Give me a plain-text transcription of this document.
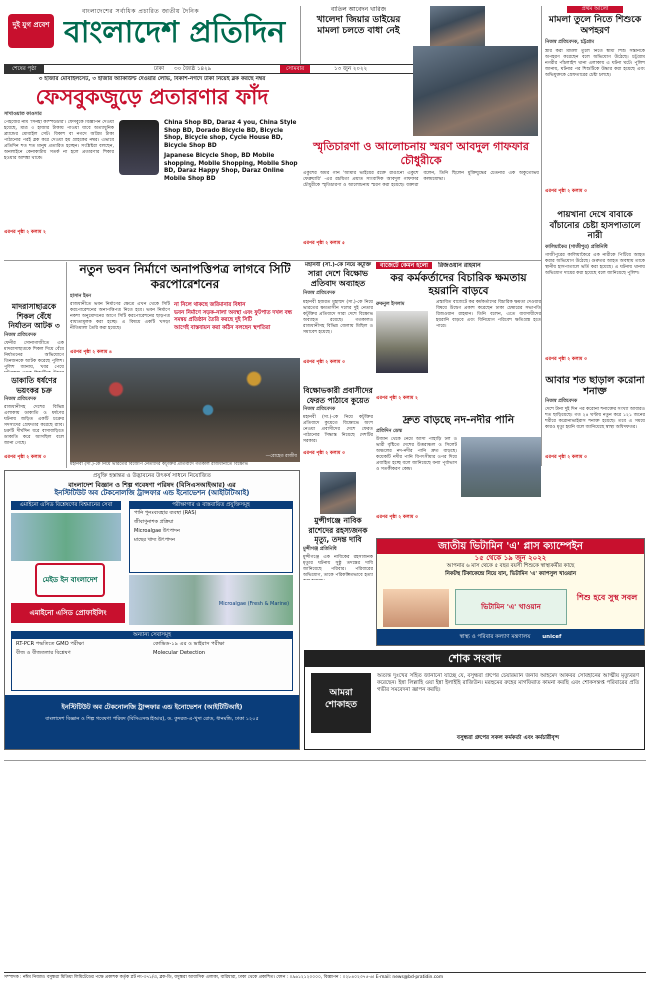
দুই যুগ প্রবেশ
বাংলাদেশের সর্বাধিক প্রচারিত জাতীয় দৈনিক
বাংলাদেশ প্রতিদিন
শেষের পৃষ্ঠা	ঢাকা ৩০ জ্যৈষ্ঠ ১৪২৯	সোমবার	১৩ জুন ২০২২
বাতিল আবেদন খারিজ
খালেদা জিয়ার ডাইয়ের মামলা চলতে বাধা নেই
প্রথম আলো
মামলা তুলে নিতে শিশুকে অপহরণ
নিজস্ব প্রতিবেদক, চট্টগ্রাম
স্ত্রীর করা মামলা তুলে নিতে স্বামী শিশু সন্তানকে অপহরণ করেছেন বলে অভিযোগ উঠেছে। চট্টগ্রাম নগরীর পাঁচলাইশ থানা এলাকায় এ ঘটনা ঘটে। পুলিশ জানায়, ঘটনার পর শিশুটিকে উদ্ধার করা হয়েছে এবং অভিযুক্তকে গ্রেফতারের চেষ্টা চলছে।
এরপর পৃষ্ঠা ২ কলাম ৩
৩ হাজার মোবাইলসেট, ৩ হাজার অ্যাকাউন্ট দেওয়ার লোভ, বিকাশ-নগদে টাকা নিয়েই ব্লক করছে নম্বর
ফেসবুকজুড়ে প্রতারণার ফাঁদ
সাখাওয়াত কাওসার
পেইজের নাম 'সিনহা কম্পিউটার'। ফেসবুকে বিজ্ঞাপন দেওয়া হয়েছে, মাত্র ৩ হাজার টাকায় পাওয়া যাবে অত্যাধুনিক ব্র্যান্ডের মোবাইল সেট। বিকাশ বা নগদে অগ্রিম টাকা পাঠানোর পরই ব্লক করে দেওয়া হয় গ্রাহকের নম্বর। এভাবে প্রতিদিন শত শত মানুষ প্রতারিত হচ্ছেন। সংশ্লিষ্টরা বলছেন, অনলাইনে কেনাকাটায় সতর্ক না হলে প্রতারণার শিকার হওয়ার আশঙ্কা থাকে।
China Shop BD, Daraz 4 you, China Style Shop BD, Dorado Bicycle BD, Bicycle Shop, Bicycle shop, Cycle House BD, Bicycle Shop BD
Japanese Bicycle Shop, BD Mobile shopping, Mobile Shopping, Mobile Shop BD, Daraz Happy Shop, Daraz Online Mobile Shop BD
এরপর পৃষ্ঠা ২ কলাম ২
স্মৃতিচারণা ও আলোচনায় স্মরণ আবদুল গাফফার চৌধুরীকে
একুশের অমর গান 'আমার ভাইয়ের রক্তে রাঙানো একুশে ফেব্রুয়ারি' -এর রচয়িতা প্রয়াত সাংবাদিক আবদুল গাফফার চৌধুরীকে স্মৃতিচারণা ও আলোচনায় স্মরণ করা হয়েছে। বক্তারা বলেন, তিনি ছিলেন মুক্তিযুদ্ধের চেতনার এক অকুতোভয় কলমযোদ্ধা।
এরপর পৃষ্ঠা ২ কলাম ৫
পায়খানা দেখে বাবাকে বাঁচানোর চেষ্টা হাসপাতালে নারী
কালিয়াকৈর (গাজীপুর) প্রতিনিধি
গাজীপুরের কালিয়াকৈরে এক নারীকে পিটিয়ে আহত করার অভিযোগ উঠেছে। গুরুতর আহত অবস্থায় তাকে স্থানীয় হাসপাতালে ভর্তি করা হয়েছে। এ ঘটনায় থানায় অভিযোগ দায়ের করা হয়েছে বলে জানিয়েছে পুলিশ।
এরপর পৃষ্ঠা ২ কলাম ৩
আবার শত ছাড়াল করোনা শনাক্ত
নিজস্ব প্রতিবেদক
দেশে টানা দুই দিন পর করোনা শনাক্তের সংখ্যা আবারও শত ছাড়িয়েছে। গত ২৪ ঘণ্টায় নতুন করে ১২১ জনের শরীরে করোনাভাইরাস শনাক্ত হয়েছে। তবে এ সময়ে কারও মৃত্যু হয়নি বলে জানিয়েছে স্বাস্থ্য অধিদফতর।
এরপর পৃষ্ঠা ২ কলাম ৩
মাদরাসাছাত্রকে শিকল বেঁধে নির্যাতন আটক ৩
নিজস্ব প্রতিবেদক
ফেনীর সোনাগাজীতে এক মাদরাসাছাত্রকে শিকল দিয়ে বেঁধে নির্যাতনের অভিযোগে তিনজনকে আটক করেছে পুলিশ। পুলিশ জানায়, খবর পেয়ে
ডাকাতি ধর্ষণের ভয়ংকর চক্র
নিজস্ব প্রতিবেদক
রাজধানীসহ দেশের বিভিন্ন এলাকায় ডাকাতি ও ধর্ষণের ঘটনায় জড়িত একটি চক্রের সদস্যদের গ্রেফতার করেছে র‍্যাব। চক্রটি দীর্ঘদিন ধরে বাসাবাড়িতে ডাকাতি করে আসছিল বলে জানা গেছে।
এরপর পৃষ্ঠা ২ কলাম ৩
নতুন ভবন নির্মাণে অনাপত্তিপত্র লাগবে সিটি করপোরেশনের
হাসান ইমন
রাজধানীতে ভবন নির্মাণের ক্ষেত্রে এখন থেকে সিটি করপোরেশনের অনাপত্তিপত্র নিতে হবে। ভবন নির্মাণে নকশা অনুমোদনের আগে সিটি করপোরেশনের ছাড়পত্র বাধ্যতামূলক করা হচ্ছে। এ বিষয়ে একটি খসড়া নীতিমালা তৈরি করা হয়েছে।
না নিলে থাকছে জরিমানার বিধান
ভবন নির্মাণে সড়ক-নালা অবস্থা এবং ফুটপাত দখল বন্ধ
সমন্বয় প্রতিষ্ঠান তৈরি করছে দুই সিটি
আগেই বাস্তবায়ন করা কঠিন বলছেন স্থপতিরা
এরপর পৃষ্ঠা ২ কলাম ৪
—রোহেত রাজীব
মহানবী (সা.)-কে নিয়ে ভারতের বিজেপি নেতাদের কটূক্তির প্রতিবাদে গতকাল রাজধানীতে বিক্ষোভ
মহানবী (সা.)-কে নিয়ে কটূক্তি
সারা দেশে বিক্ষোভ প্রতিবাদ অব্যাহত
নিজস্ব প্রতিবেদক
মহানবী হজরত মুহাম্মদ (সা.)-কে নিয়ে ভারতের ক্ষমতাসীন দলের দুই নেতার কটূক্তির প্রতিবাদে সারা দেশে বিক্ষোভ অব্যাহত রয়েছে। গতকালও রাজধানীসহ বিভিন্ন জেলায় মিছিল ও সমাবেশ হয়েছে।
এরপর পৃষ্ঠা ২ কলাম ৩
বাজেটে কেমন হলো রিজওয়ান রাহমান
কর কর্মকর্তাদের বিচারিক ক্ষমতায় হয়রানি বাড়বে
রুকনুল ইসলাম	প্রস্তাবিত বাজেটে কর কর্মকর্তাদের বিচারিক ক্ষমতা দেওয়ার বিষয়ে উদ্বেগ প্রকাশ করেছেন ঢাকা চেম্বারের সভাপতি রিজওয়ান রাহমান। তিনি বলেন, এতে ব্যবসায়ীদের হয়রানি বাড়বে এবং বিনিয়োগ পরিবেশ ক্ষতিগ্রস্ত হতে পারে।
এরপর পৃষ্ঠা ২ কলাম ২
বিক্ষোভকারী প্রবাসীদের ফেরত পাঠাবে কুয়েত
নিজস্ব প্রতিবেদক
মহানবী (সা.)-কে নিয়ে কটূক্তির প্রতিবাদে কুয়েতে বিক্ষোভে অংশ নেওয়া প্রবাসীদের দেশে ফেরত পাঠানোর সিদ্ধান্ত নিয়েছে দেশটির সরকার।
এরপর পৃষ্ঠা ২ কলাম ৩
দ্রুত বাড়ছে নদ-নদীর পানি
প্রতিদিন ডেস্ক
উজান থেকে নেমে আসা পাহাড়ি ঢল ও ভারী বৃষ্টিতে দেশের উত্তরাঞ্চল ও সিলেট অঞ্চলের নদ-নদীর পানি দ্রুত বাড়ছে। কয়েকটি নদীর পানি বিপৎসীমার ওপর দিয়ে প্রবাহিত হচ্ছে বলে জানিয়েছে বন্যা পূর্বাভাস ও সতর্কীকরণ কেন্দ্র।
এরপর পৃষ্ঠা ২ কলাম ৩
মুন্সীগঞ্জে নাবিক রাশেদের রহস্যজনক মৃত্যু, তদন্ত দাবি
মুন্সীগঞ্জ প্রতিনিধি
মুন্সীগঞ্জে এক নাবিকের রহস্যজনক মৃত্যুর ঘটনায় সুষ্ঠু তদন্তের দাবি জানিয়েছে পরিবার। পরিবারের অভিযোগ, তাকে পরিকল্পিতভাবে হত্যা
প্রযুক্তি হস্তান্তর ও উদ্ভাবনের উৎকর্ষ সাধনে নিয়োজিত
বাংলাদেশ বিজ্ঞান ও শিল্প গবেষণা পরিষদ (বিসিএসআইআর) এর
ইনস্টিটিউট অব টেকনোলজি ট্রান্সফার এন্ড ইনোভেশন (আইটিটিআই)
এমাইনো এসিড বিশ্লেষণের বিশ্বমানের সেবা
মেইড ইন বাংলাদেশ
পরীক্ষাগার ও বাস্তবায়িত প্রযুক্তিসমূহ
পানি পুনঃব্যবহার ব্যবস্থা (RAS)
জীবাণুনাশক প্রক্রিয়া
Microalgae উৎপাদন
মাছের খাদ্য উৎপাদন
Microalgae (Fresh & Marine)
এমাইনো এসিড প্রোফাইলিং
অন্যান্য সেবাসমূহ
RT-PCR পদ্ধতিতে GMO পরীক্ষা	কোভিড-১৯ এর ও ভাইরাস পরীক্ষা
বীজ ও বীজতলার বিশ্লেষণ	Molecular Detection
ইনস্টিটিউট অব টেকনোলজি ট্রান্সফার এন্ড ইনোভেশন (আইটিটিআই)
বাংলাদেশ বিজ্ঞান ও শিল্প গবেষণা পরিষদ (বিসিএসআইআর), ড. কুদরত-এ-খুদা রোড, ধানমন্ডি, ঢাকা ১২০৫
জাতীয় ভিটামিন 'এ' প্লাস ক্যাম্পেইন
১৫ থেকে ১৯ জুন ২০২২
আপনার ৬ মাস থেকে ৫ বছর বয়সী শিশুকে স্বাস্থ্যকর্মীর কাছে
নিকটস্থ টিকাকেন্দ্রে নিয়ে যান, ভিটামিন 'এ' ক্যাপসুল খাওয়ান
ভিটামিন 'এ' খাওয়ান
শিশু হবে সুস্থ সবল
স্বাস্থ্য ও পরিবার কল্যাণ মন্ত্রণালয় unicef
শোক সংবাদ
আমরা
শোকাহত
অত্যন্ত দুঃখের সহিত জানানো যাচ্ছে যে, বসুন্ধরা গ্রুপের চেয়ারম্যান জনাব আহমেদ আকবর সোবহানের আত্মীয় মৃত্যুবরণ করেছেন। ইন্না লিল্লাহি ওয়া ইন্না ইলাইহি রাজিউন। মরহুমের রুহের মাগফিরাত কামনা করছি এবং শোকসন্তপ্ত পরিবারের প্রতি গভীর সমবেদনা জ্ঞাপন করছি।
বসুন্ধরা গ্রুপের সকল কর্মকর্তা এবং কর্মচারীবৃন্দ
সম্পাদক : নঈম নিজাম। বসুন্ধরা মিডিয়া লিমিটেডের পক্ষে প্রকাশক কর্তৃক প্লট নং-৩৭১/এ, ব্লক-ডি, বসুন্ধরা আবাসিক এলাকা, বারিধারা, ঢাকা থেকে প্রকাশিত। ফোন : ০৯৬১২১২০০০০, বিজ্ঞাপন : ০২৮৪০২৩৭৫-৬। E-mail: news@bd-pratidin.com
